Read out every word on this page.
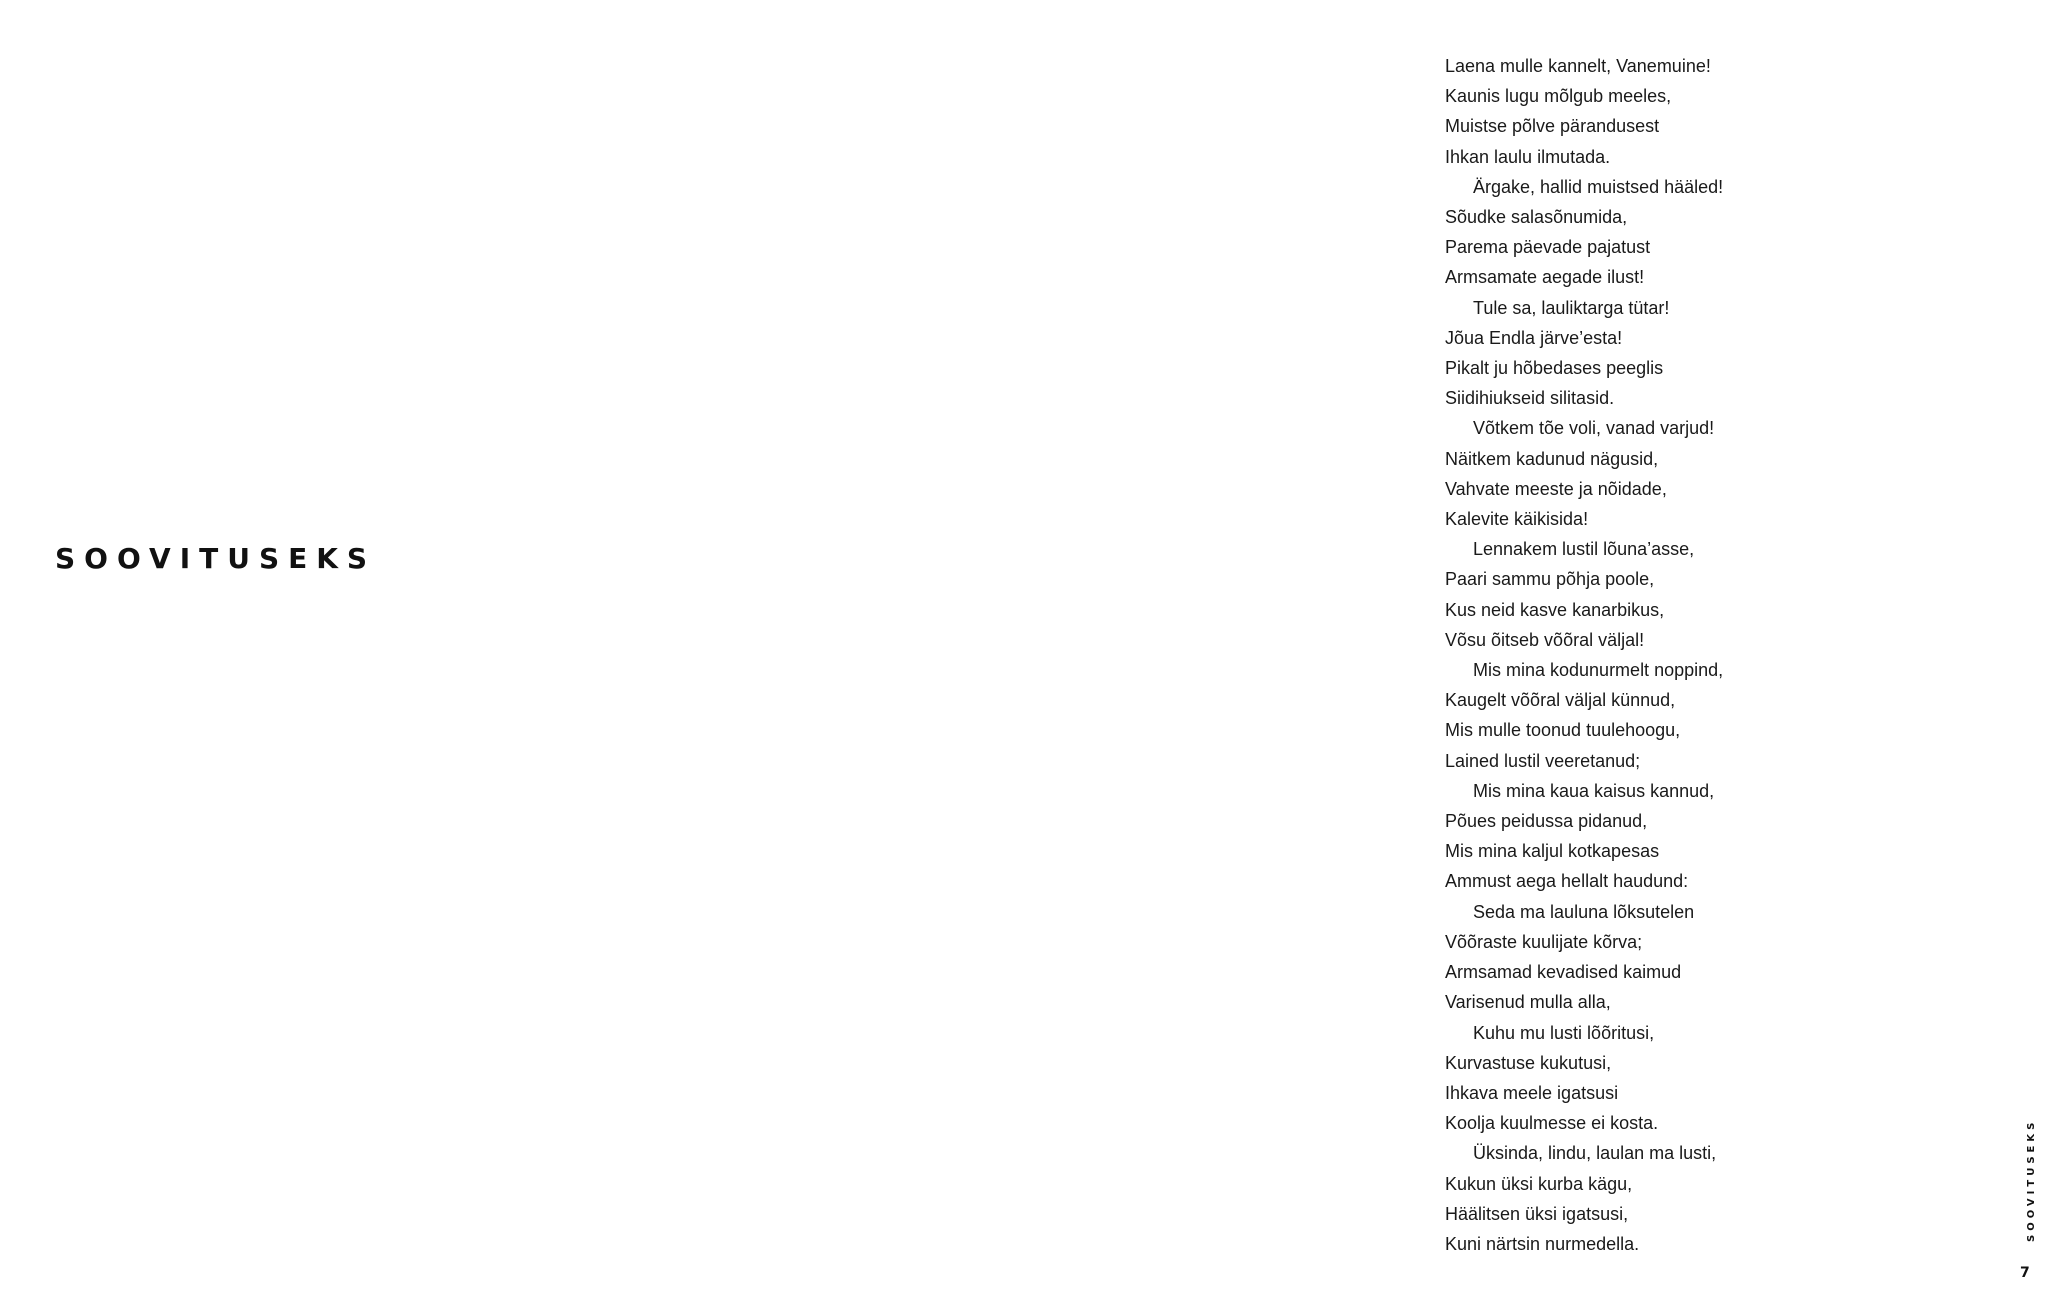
SOOVITUSEKS
Laena mulle kannelt, Vanemuine!
Kaunis lugu mõlgub meeles,
Muistse põlve pärandusest
Ihkan laulu ilmutada.
Ärgake, hallid muistsed hääled!
Sõudke salasõnumida,
Parema päevade pajatust
Armsamate aegade ilust!
Tule sa, lauliktarga tütar!
Jõua Endla järve’esta!
Pikalt ju hõbedases peeglis
Siidihiukseid silitasid.
Võtkem tõe voli, vanad varjud!
Näitkem kadunud nägusid,
Vahvate meeste ja nõidade,
Kalevite käikisida!
Lennakem lustil lõuna’asse,
Paari sammu põhja poole,
Kus neid kasve kanarbikus,
Võsu õitseb võõral väljal!
Mis mina kodunurmelt noppind,
Kaugelt võõral väljal künnud,
Mis mulle toonud tuulehoogu,
Lained lustil veeretanud;
Mis mina kaua kaisus kannud,
Põues peidussa pidanud,
Mis mina kaljul kotkapesas
Ammust aega hellalt haudund:
Seda ma lauluna lõksutelen
Võõraste kuulijate kõrva;
Armsamad kevadised kaimud
Varisenud mulla alla,
Kuhu mu lusti lõõritusi,
Kurvastuse kukutusi,
Ihkava meele igatsusi
Koolja kuulmesse ei kosta.
Üksinda, lindu, laulan ma lusti,
Kukun üksi kurba kägu,
Häälitsen üksi igatsusi,
Kuni närtsin nurmedella.
SOOVITUSEKS
7
